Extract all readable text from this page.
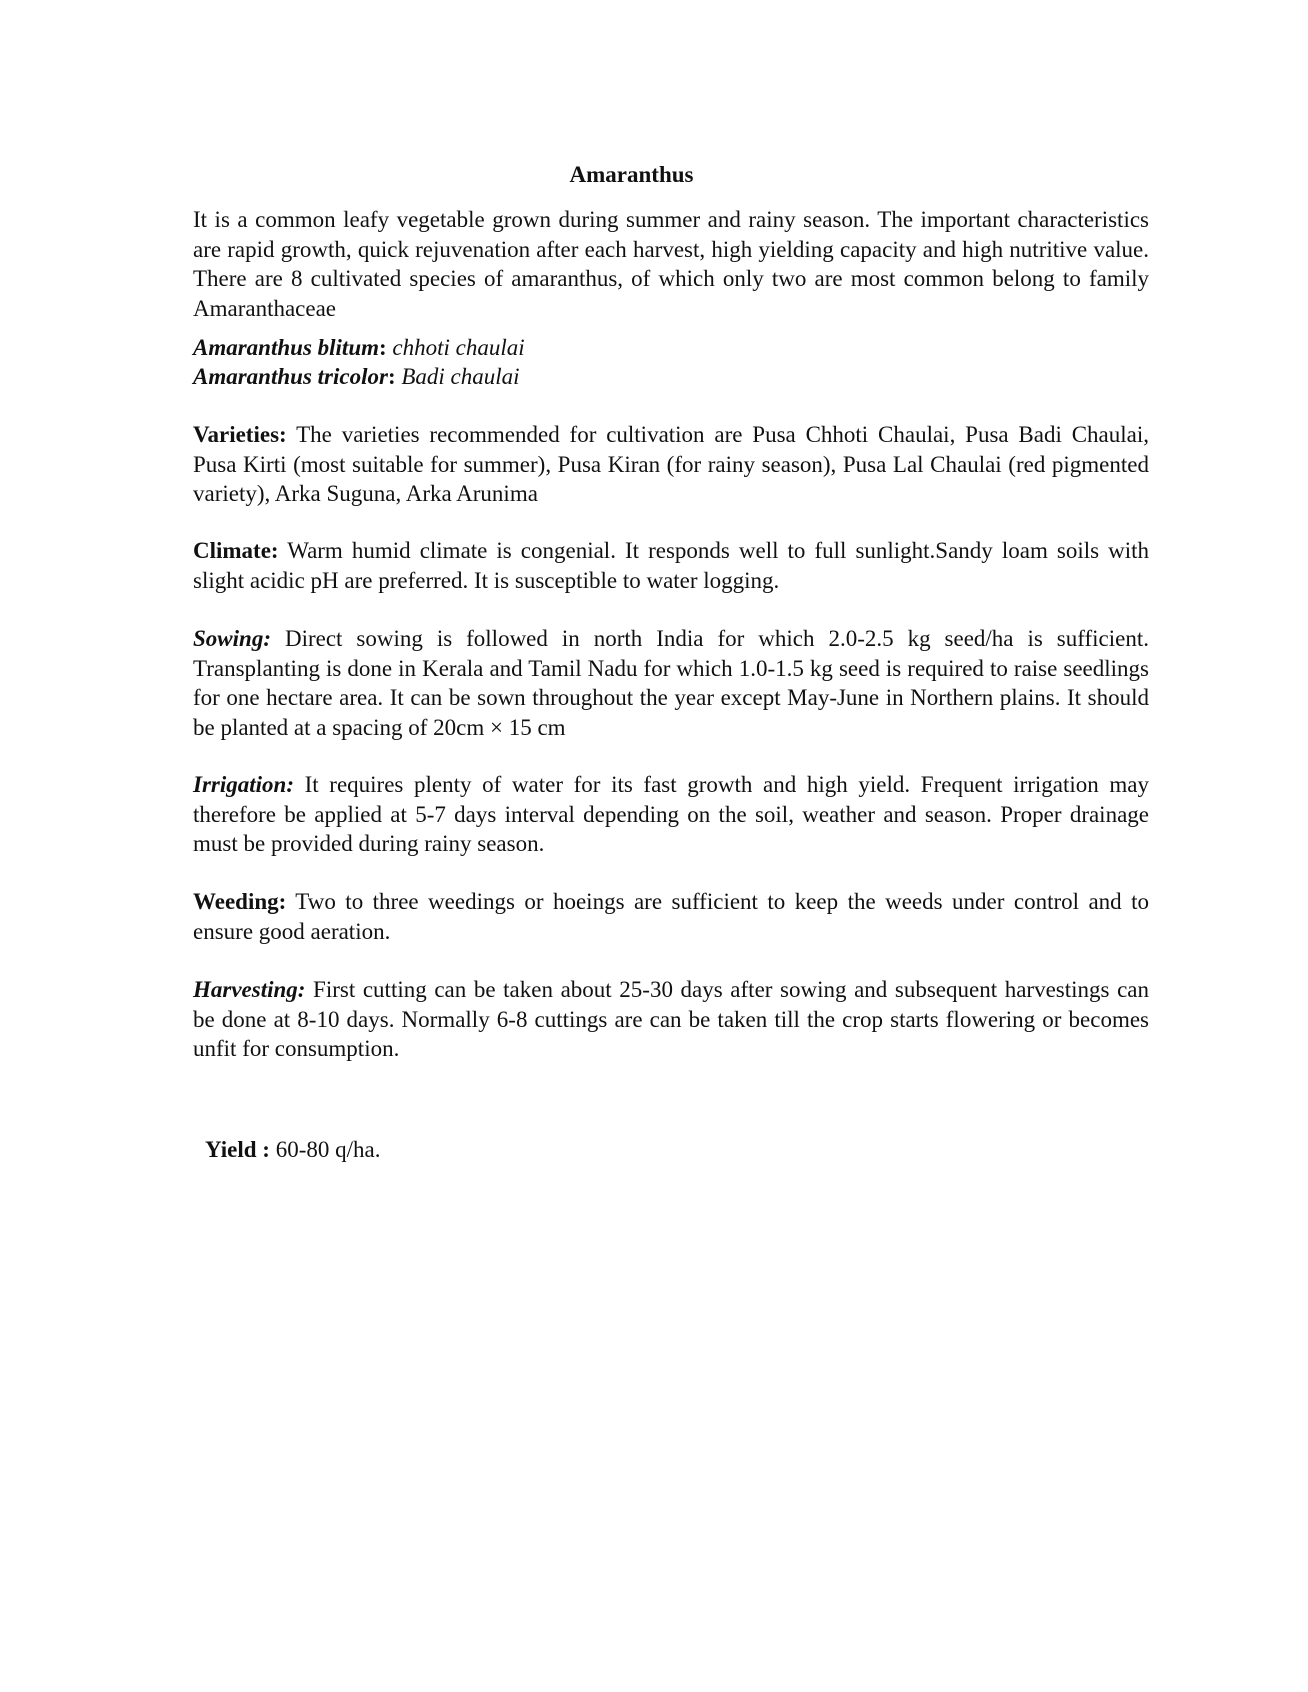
Amaranthus

It is a common leafy vegetable grown during summer and rainy season. The important characteristics are rapid growth, quick rejuvenation after each harvest, high yielding capacity and high nutritive value. There are 8 cultivated species of amaranthus, of which only two are most common belong to family Amaranthaceae

Amaranthus blitum: chhoti chaulai
Amaranthus tricolor: Badi chaulai

Varieties: The varieties recommended for cultivation are Pusa Chhoti Chaulai, Pusa Badi Chaulai, Pusa Kirti (most suitable for summer), Pusa Kiran (for rainy season), Pusa Lal Chaulai (red pigmented variety), Arka Suguna, Arka Arunima

Climate: Warm humid climate is congenial. It responds well to full sunlight.Sandy loam soils with slight acidic pH are preferred. It is susceptible to water logging.

Sowing: Direct sowing is followed in north India for which 2.0-2.5 kg seed/ha is sufficient. Transplanting is done in Kerala and Tamil Nadu for which 1.0-1.5 kg seed is required to raise seedlings for one hectare area. It can be sown throughout the year except May-June in Northern plains. It should be planted at a spacing of 20cm × 15 cm

Irrigation: It requires plenty of water for its fast growth and high yield. Frequent irrigation may therefore be applied at 5-7 days interval depending on the soil, weather and season. Proper drainage must be provided during rainy season.

Weeding: Two to three weedings or hoeings are sufficient to keep the weeds under control and to ensure good aeration.

Harvesting: First cutting can be taken about 25-30 days after sowing and subsequent harvestings can be done at 8-10 days. Normally 6-8 cuttings are can be taken till the crop starts flowering or becomes unfit for consumption.

Yield : 60-80 q/ha.
